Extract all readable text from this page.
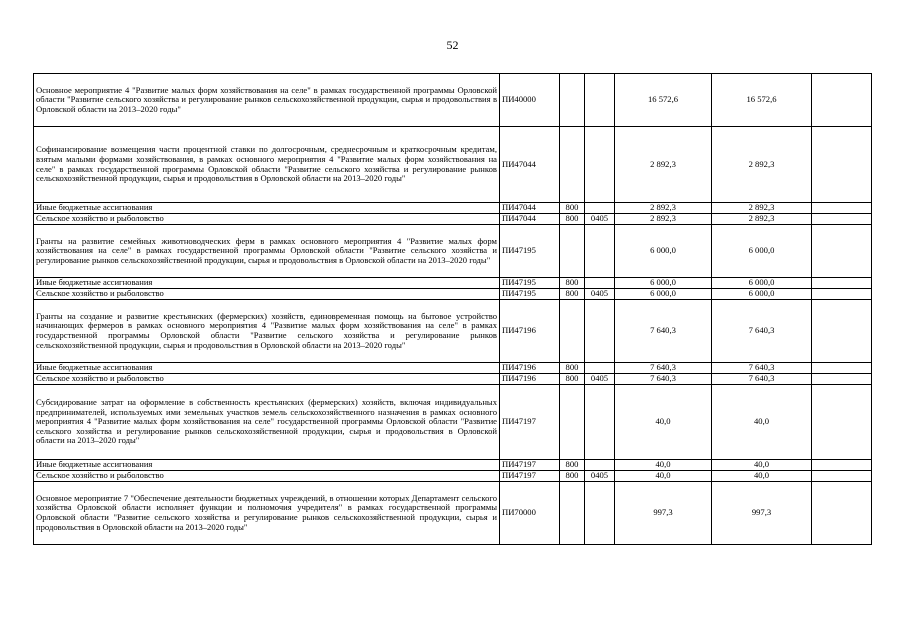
52
Основное мероприятие 4 "Развитие малых форм хозяйствования на селе" в рамках государственной программы Орловской области "Развитие сельского хозяйства и регулирование рынков сельскохозяйственной продукции, сырья и продовольствия в Орловской области на 2013–2020 годы"	ПИ40000			16 572,6	16 572,6	
Софинансирование возмещения части процентной ставки по долгосрочным, среднесрочным и краткосрочным кредитам, взятым малыми формами хозяйствования, в рамках основного мероприятия 4 "Развитие малых форм хозяйствования на селе" в рамках государственной программы Орловской области "Развитие сельского хозяйства и регулирование рынков сельскохозяйственной продукции, сырья и продовольствия в Орловской области на 2013–2020 годы"	ПИ47044			2 892,3	2 892,3	
Иные бюджетные ассигнования	ПИ47044	800		2 892,3	2 892,3	
Сельское хозяйство и рыболовство	ПИ47044	800	0405	2 892,3	2 892,3	
Гранты на развитие семейных животноводческих ферм в рамках основного мероприятия 4 "Развитие малых форм хозяйствования на селе" в рамках государственной программы Орловской области "Развитие сельского хозяйства и регулирование рынков сельскохозяйственной продукции, сырья и продовольствия в Орловской области на 2013–2020 годы"	ПИ47195			6 000,0	6 000,0	
Иные бюджетные ассигнования	ПИ47195	800		6 000,0	6 000,0	
Сельское хозяйство и рыболовство	ПИ47195	800	0405	6 000,0	6 000,0	
Гранты на создание и развитие крестьянских (фермерских) хозяйств, единовременная помощь на бытовое устройство начинающих фермеров в рамках основного мероприятия 4 "Развитие малых форм хозяйствования на селе" в рамках государственной программы Орловской области "Развитие сельского хозяйства и регулирование рынков сельскохозяйственной продукции, сырья и продовольствия в Орловской области на 2013–2020 годы"	ПИ47196			7 640,3	7 640,3	
Иные бюджетные ассигнования	ПИ47196	800		7 640,3	7 640,3	
Сельское хозяйство и рыболовство	ПИ47196	800	0405	7 640,3	7 640,3	
Субсидирование затрат на оформление в собственность крестьянских (фермерских) хозяйств, включая индивидуальных предпринимателей, используемых ими земельных участков земель сельскохозяйственного назначения в рамках основного мероприятия 4 "Развитие малых форм хозяйствования на селе" государственной программы Орловской области "Развитие сельского хозяйства и регулирование рынков сельскохозяйственной продукции, сырья и продовольствия в Орловской области на 2013–2020 годы"	ПИ47197			40,0	40,0	
Иные бюджетные ассигнования	ПИ47197	800		40,0	40,0	
Сельское хозяйство и рыболовство	ПИ47197	800	0405	40,0	40,0	
Основное мероприятие 7 "Обеспечение деятельности бюджетных учреждений, в отношении которых Департамент сельского хозяйства Орловской области исполняет функции и полномочия учредителя" в рамках государственной программы Орловской области "Развитие сельского хозяйства и регулирование рынков сельскохозяйственной продукции, сырья и продовольствия в Орловской области на 2013–2020 годы"	ПИ70000			997,3	997,3	
